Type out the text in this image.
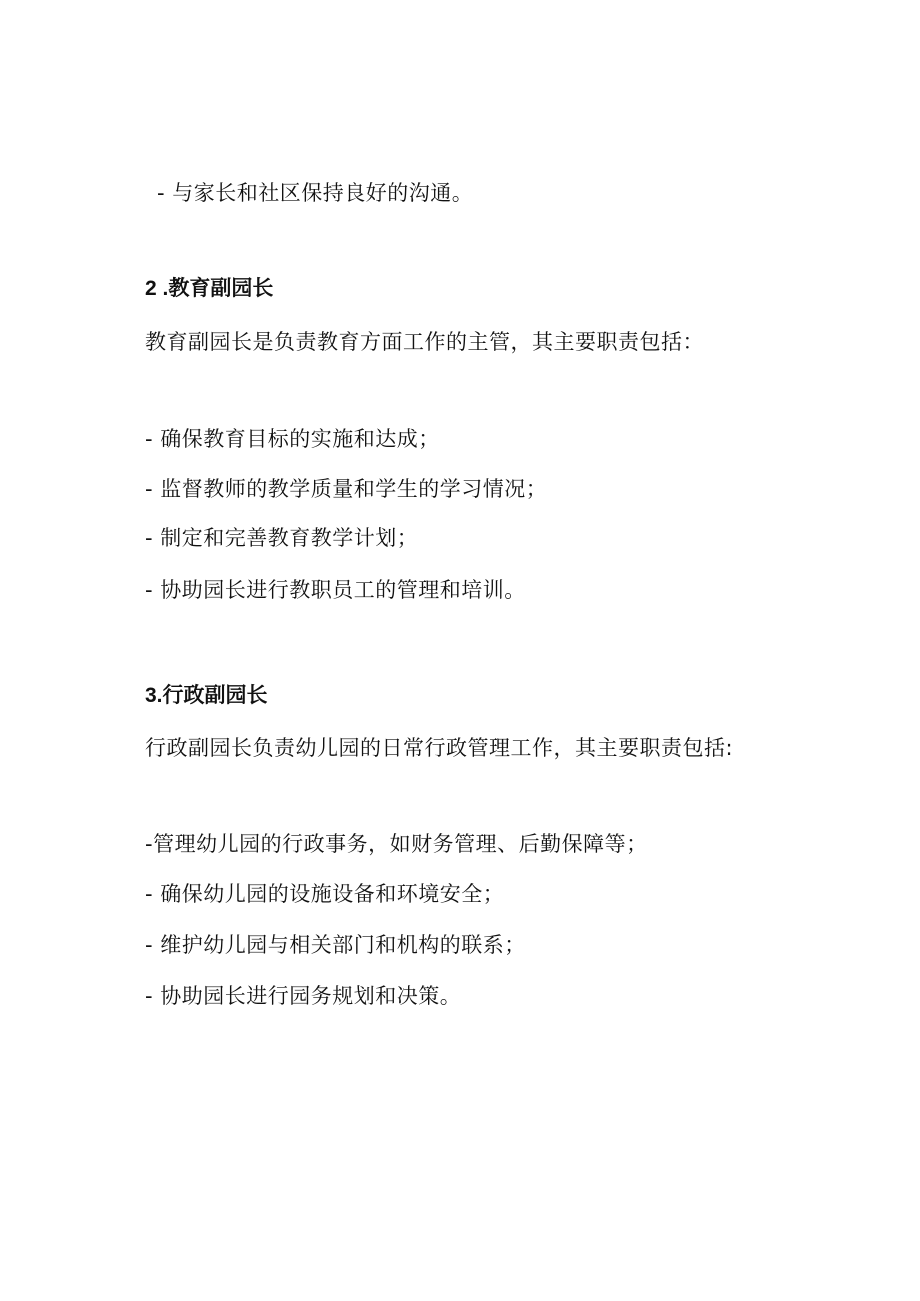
- 与家长和社区保持良好的沟通。
2 .教育副园长
教育副园长是负责教育方面工作的主管，其主要职责包括：
- 确保教育目标的实施和达成；
- 监督教师的教学质量和学生的学习情况；
- 制定和完善教育教学计划；
- 协助园长进行教职员工的管理和培训。
3.行政副园长
行政副园长负责幼儿园的日常行政管理工作，其主要职责包括:
-管理幼儿园的行政事务，如财务管理、后勤保障等；
- 确保幼儿园的设施设备和环境安全；
- 维护幼儿园与相关部门和机构的联系；
- 协助园长进行园务规划和决策。
